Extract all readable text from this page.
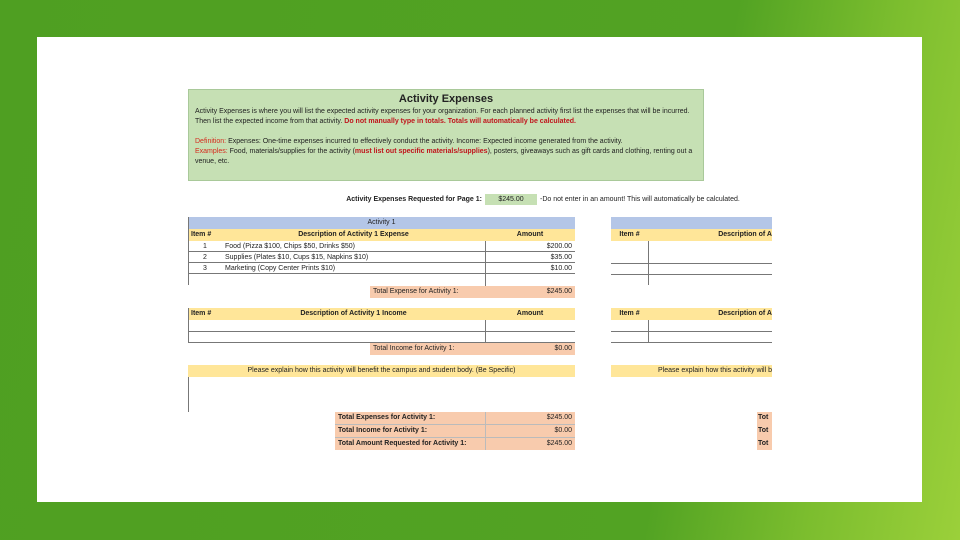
Activity Expenses

Activity Expenses is where you will list the expected activity expenses for your organization. For each planned activity first list the expenses that will be incurred. Then list the expected income from that activity. Do not manually type in totals. Totals will automatically be calculated.

Definition: Expenses: One-time expenses incurred to effectively conduct the activity. Income: Expected income generated from the activity.

Examples: Food, materials/supplies for the activity (must list out specific materials/supplies), posters, giveaways such as gift cards and clothing, renting out a venue, etc.

Activity Expenses Requested for Page 1:	$245.00	-Do not enter in an amount! This will automatically be calculated.
Activity 1
Item #	Description of Activity 1 Expense	Amount
1	Food (Pizza $100, Chips $50, Drinks $50)	$200.00
2	Supplies (Plates $10, Cups $15, Napkins $10)	$35.00
3	Marketing (Copy Center Prints $10)	$10.00
Total Expense for Activity 1:	$245.00
Item #	Description of Activity 1 Income	Amount
Total Income for Activity 1:	$0.00
Please explain how this activity will benefit the campus and student body. (Be Specific)
Total Expenses for Activity 1:	$245.00
Total Income for Activity 1:	$0.00
Total Amount Requested for Activity 1:	$245.00
Item #	Description of A
Item #	Description of A
Please explain how this activity will b
Tot
Tot
Tot
